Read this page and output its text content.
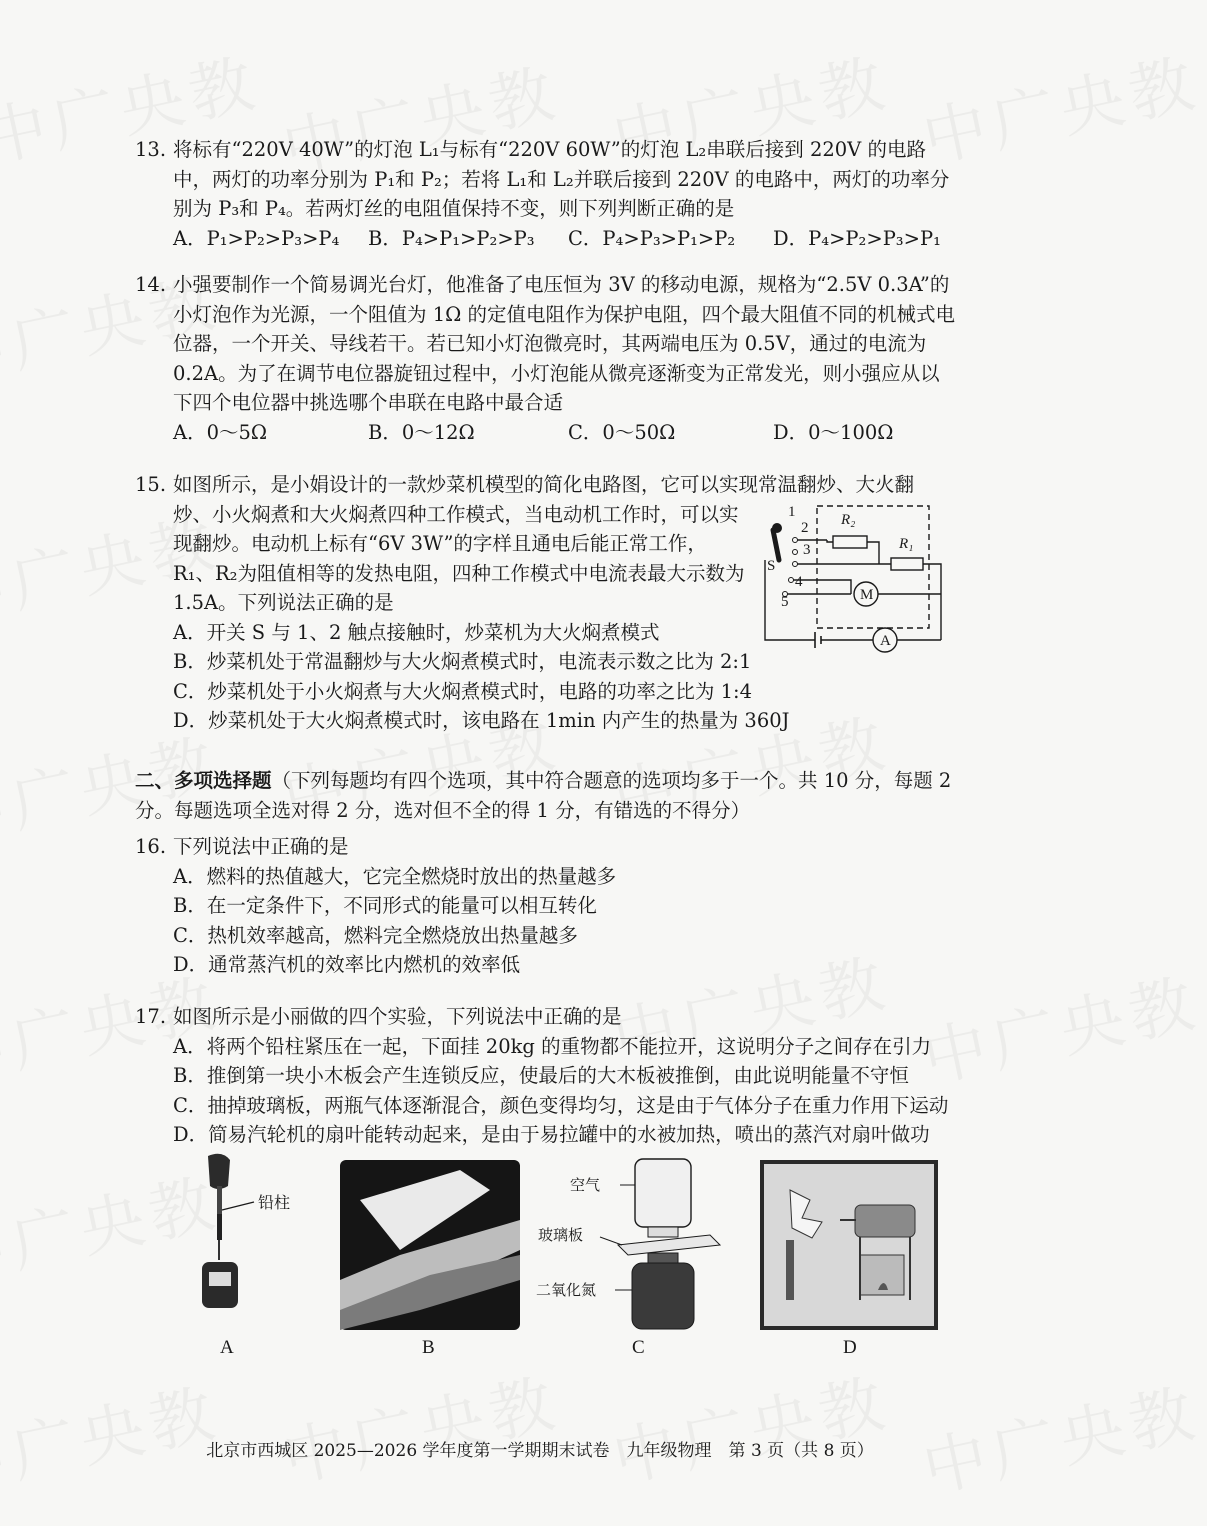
13. 将标有“220V 40W”的灯泡 L₁与标有“220V 60W”的灯泡 L₂串联后接到 220V 的电路中，两灯的功率分别为 P₁和 P₂；若将 L₁和 L₂并联后接到 220V 的电路中，两灯的功率分别为 P₃和 P₄。若两灯丝的电阻值保持不变，则下列判断正确的是
A．P₁>P₂>P₃>P₄ B．P₄>P₁>P₂>P₃ C．P₄>P₃>P₁>P₂ D．P₄>P₂>P₃>P₁
14. 小强要制作一个简易调光台灯，他准备了电压恒为 3V 的移动电源，规格为“2.5V 0.3A”的小灯泡作为光源，一个阻值为 1Ω 的定值电阻作为保护电阻，四个最大阻值不同的机械式电位器，一个开关、导线若干。若已知小灯泡微亮时，其两端电压为 0.5V，通过的电流为 0.2A。为了在调节电位器旋钮过程中，小灯泡能从微亮逐渐变为正常发光，则小强应从以下四个电位器中挑选哪个串联在电路中最合适
A．0～5Ω	B．0～12Ω	C．0～50Ω	D．0～100Ω
15. 如图所示，是小娟设计的一款炒菜机模型的简化电路图，它可以实现常温翻炒、大火翻
炒、小火焖煮和大火焖煮四种工作模式，当电动机工作时，可以实现翻炒。电动机上标有“6V 3W”的字样且通电后能正常工作，R₁、R₂为阻值相等的发热电阻，四种工作模式中电流表最大示数为 1.5A。下列说法正确的是
A．开关 S 与 1、2 触点接触时，炒菜机为大火焖煮模式
B．炒菜机处于常温翻炒与大火焖煮模式时，电流表示数之比为 2:1
C．炒菜机处于小火焖煮与大火焖煮模式时，电路的功率之比为 1:4
D．炒菜机处于大火焖煮模式时，该电路在 1min 内产生的热量为 360J
S
1
2
3
4
5
R₂
R₁
M
A
二、多项选择题（下列每题均有四个选项，其中符合题意的选项均多于一个。共 10 分，每题 2 分。每题选项全选对得 2 分，选对但不全的得 1 分，有错选的不得分）
16. 下列说法中正确的是
A．燃料的热值越大，它完全燃烧时放出的热量越多
B．在一定条件下，不同形式的能量可以相互转化
C．热机效率越高，燃料完全燃烧放出热量越多
D．通常蒸汽机的效率比内燃机的效率低
17. 如图所示是小丽做的四个实验，下列说法中正确的是
A．将两个铅柱紧压在一起，下面挂 20kg 的重物都不能拉开，这说明分子之间存在引力
B．推倒第一块小木板会产生连锁反应，使最后的大木板被推倒，由此说明能量不守恒
C．抽掉玻璃板，两瓶气体逐渐混合，颜色变得均匀，这是由于气体分子在重力作用下运动
D．简易汽轮机的扇叶能转动起来，是由于易拉罐中的水被加热，喷出的蒸汽对扇叶做功
铅柱
空气
玻璃板
二氧化氮
A	B	C	D
北京市西城区 2025—2026 学年度第一学期期末试卷　九年级物理　第 3 页（共 8 页）
